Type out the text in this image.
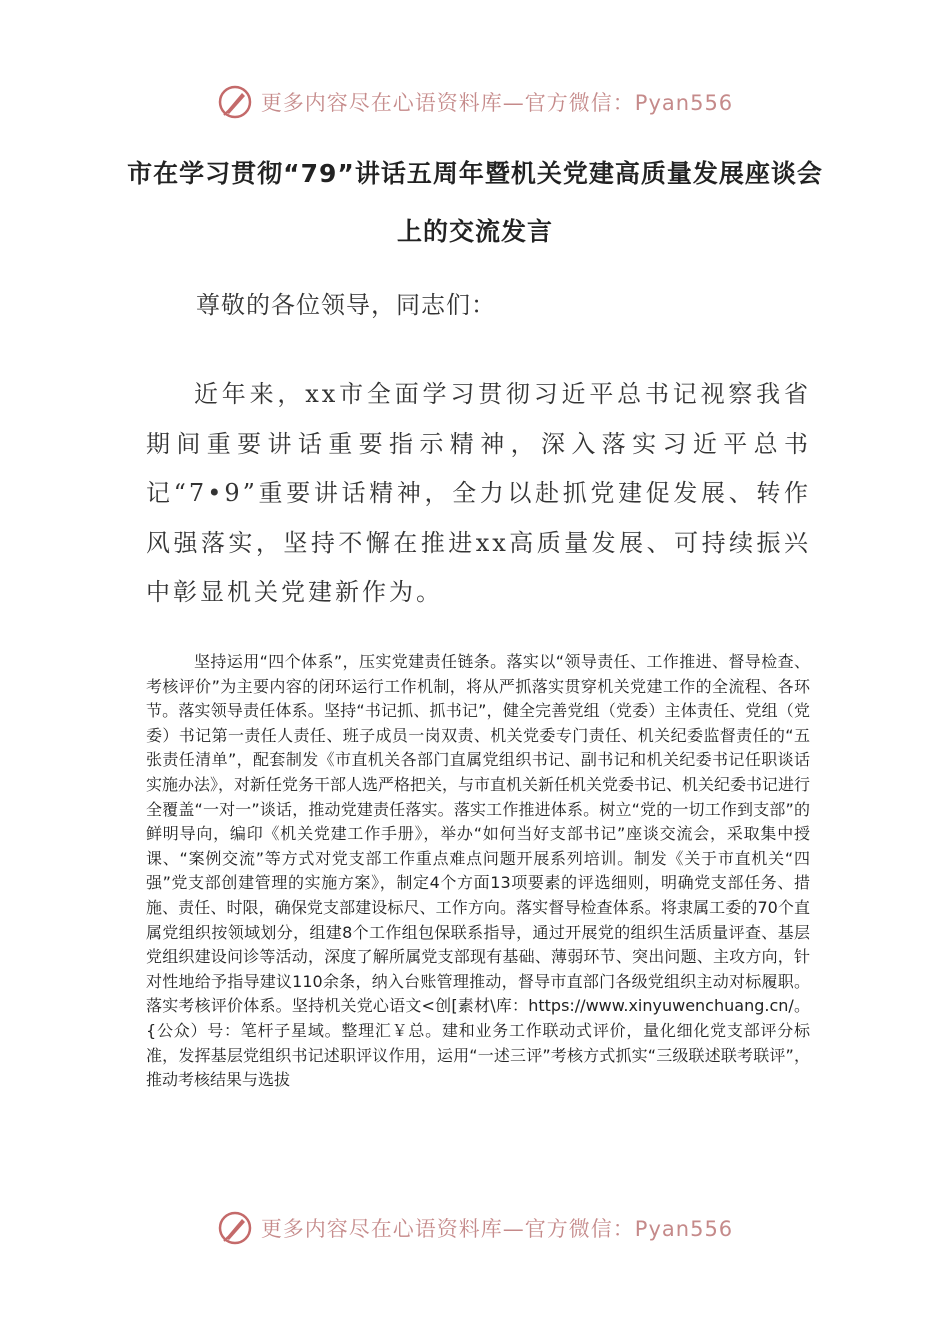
更多内容尽在心语资料库—官方微信：Pyan556
市在学习贯彻“79”讲话五周年暨机关党建高质量发展座谈会上的交流发言
尊敬的各位领导，同志们：
近年来，xx市全面学习贯彻习近平总书记视察我省期间重要讲话重要指示精神，深入落实习近平总书记“7•9”重要讲话精神，全力以赴抓党建促发展、转作风强落实，坚持不懈在推进xx高质量发展、可持续振兴中彰显机关党建新作为。
坚持运用“四个体系”，压实党建责任链条。落实以“领导责任、工作推进、督导检查、考核评价”为主要内容的闭环运行工作机制，将从严抓落实贯穿机关党建工作的全流程、各环节。落实领导责任体系。坚持“书记抓、抓书记”，健全完善党组（党委）主体责任、党组（党委）书记第一责任人责任、班子成员一岗双责、机关党委专门责任、机关纪委监督责任的“五张责任清单”，配套制发《市直机关各部门直属党组织书记、副书记和机关纪委书记任职谈话实施办法》，对新任党务干部人选严格把关，与市直机关新任机关党委书记、机关纪委书记进行全覆盖“一对一”谈话，推动党建责任落实。落实工作推进体系。树立“党的一切工作到支部”的鲜明导向，编印《机关党建工作手册》，举办“如何当好支部书记”座谈交流会，采取集中授课、“案例交流”等方式对党支部工作重点难点问题开展系列培训。制发《关于市直机关“四强”党支部创建管理的实施方案》，制定4个方面13项要素的评选细则，明确党支部任务、措施、责任、时限，确保党支部建设标尺、工作方向。落实督导检查体系。将隶属工委的70个直属党组织按领域划分，组建8个工作组包保联系指导，通过开展党的组织生活质量评查、基层党组织建设问诊等活动，深度了解所属党支部现有基础、薄弱环节、突出问题、主攻方向，针对性地给予指导建议110余条，纳入台账管理推动，督导市直部门各级党组织主动对标履职。落实考核评价体系。坚持机关党心语文<创[素材\库：https://www.xinyuwenchuang.cn/。{公众）号：笔杆子星域。整理汇￥总。建和业务工作联动式评价，量化细化党支部评分标准，发挥基层党组织书记述职评议作用，运用“一述三评”考核方式抓实“三级联述联考联评”，推动考核结果与选拔
更多内容尽在心语资料库—官方微信：Pyan556
